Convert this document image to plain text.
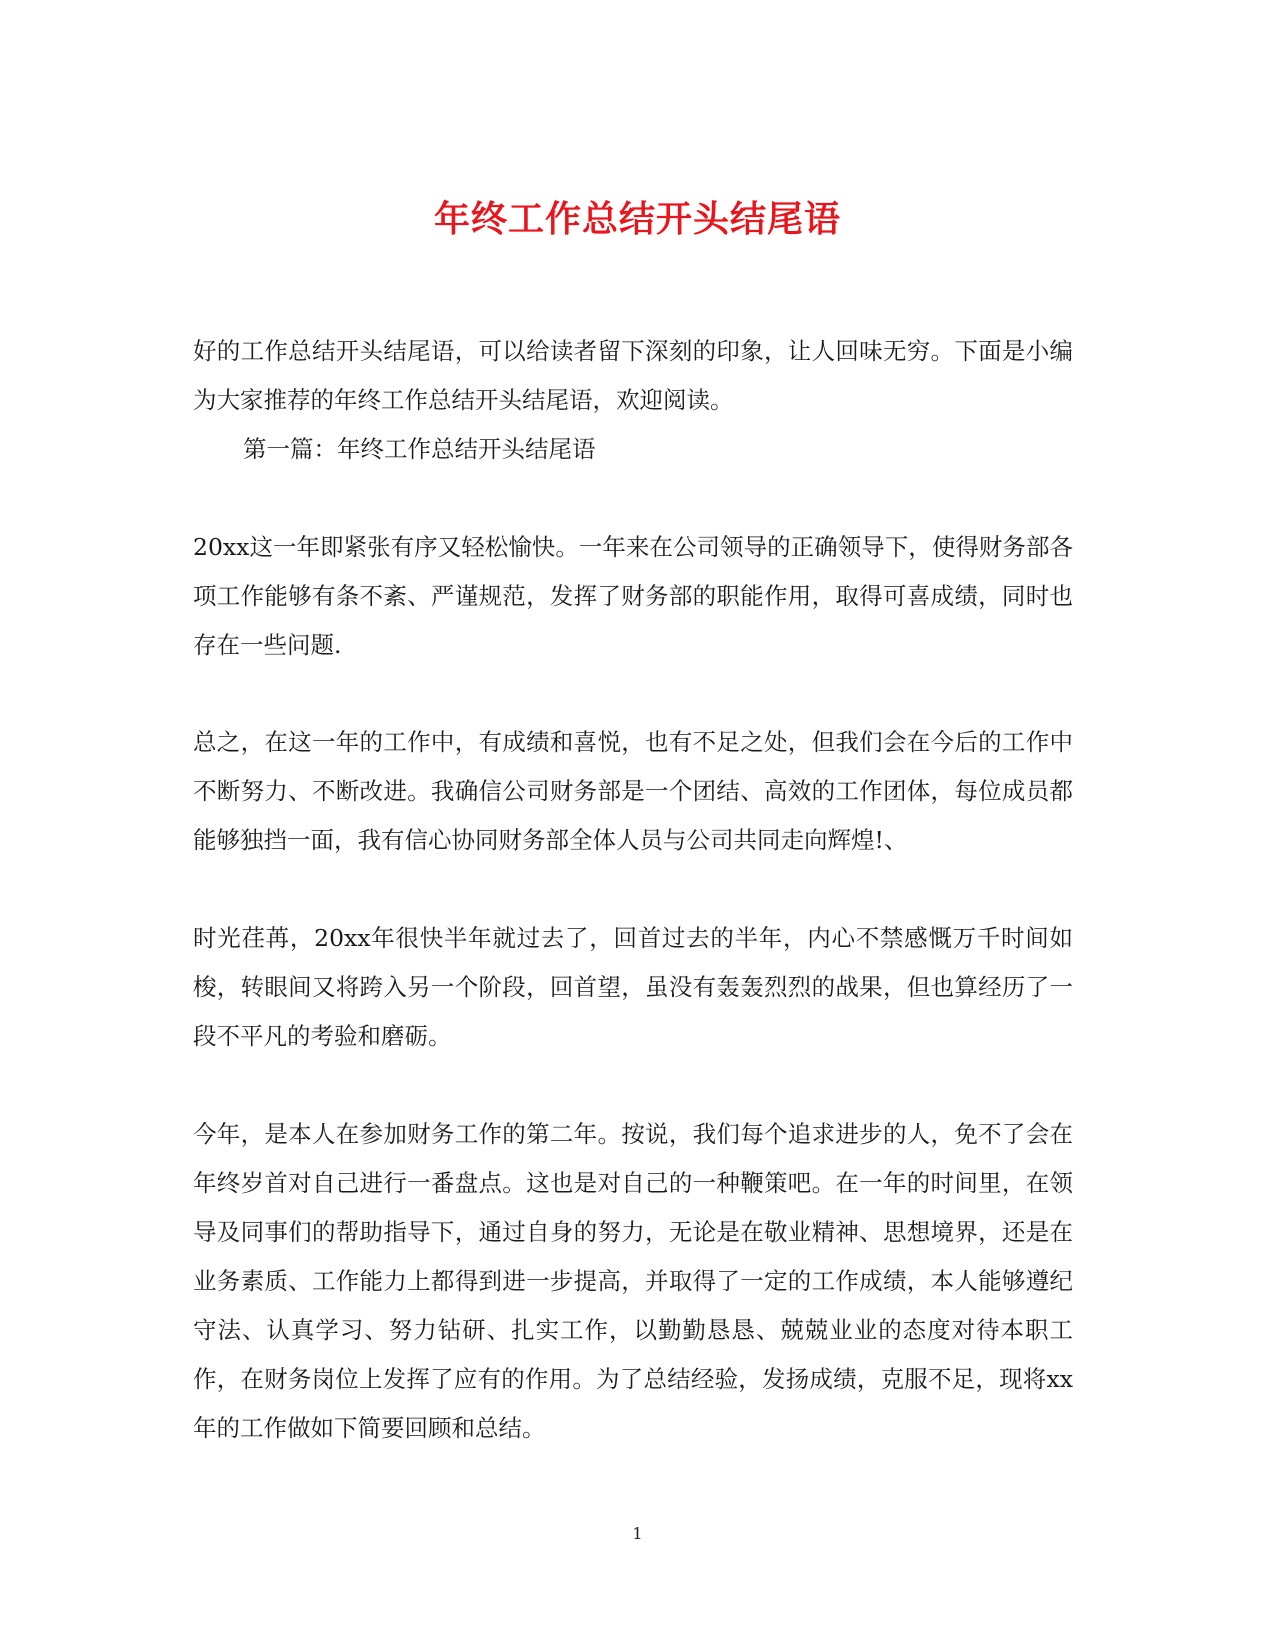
年终工作总结开头结尾语

好的工作总结开头结尾语，可以给读者留下深刻的印象，让人回味无穷。下面是小编为大家推荐的年终工作总结开头结尾语，欢迎阅读。

第一篇：年终工作总结开头结尾语

20xx这一年即紧张有序又轻松愉快。一年来在公司领导的正确领导下，使得财务部各项工作能够有条不紊、严谨规范，发挥了财务部的职能作用，取得可喜成绩，同时也存在一些问题.

总之，在这一年的工作中，有成绩和喜悦，也有不足之处，但我们会在今后的工作中不断努力、不断改进。我确信公司财务部是一个团结、高效的工作团体，每位成员都能够独挡一面，我有信心协同财务部全体人员与公司共同走向辉煌!、

时光荏苒，20xx年很快半年就过去了，回首过去的半年，内心不禁感慨万千时间如梭，转眼间又将跨入另一个阶段，回首望，虽没有轰轰烈烈的战果，但也算经历了一段不平凡的考验和磨砺。

今年，是本人在参加财务工作的第二年。按说，我们每个追求进步的人，免不了会在年终岁首对自己进行一番盘点。这也是对自己的一种鞭策吧。在一年的时间里，在领导及同事们的帮助指导下，通过自身的努力，无论是在敬业精神、思想境界，还是在业务素质、工作能力上都得到进一步提高，并取得了一定的工作成绩，本人能够遵纪守法、认真学习、努力钻研、扎实工作，以勤勤恳恳、兢兢业业的态度对待本职工作，在财务岗位上发挥了应有的作用。为了总结经验，发扬成绩，克服不足，现将xx年的工作做如下简要回顾和总结。

1
